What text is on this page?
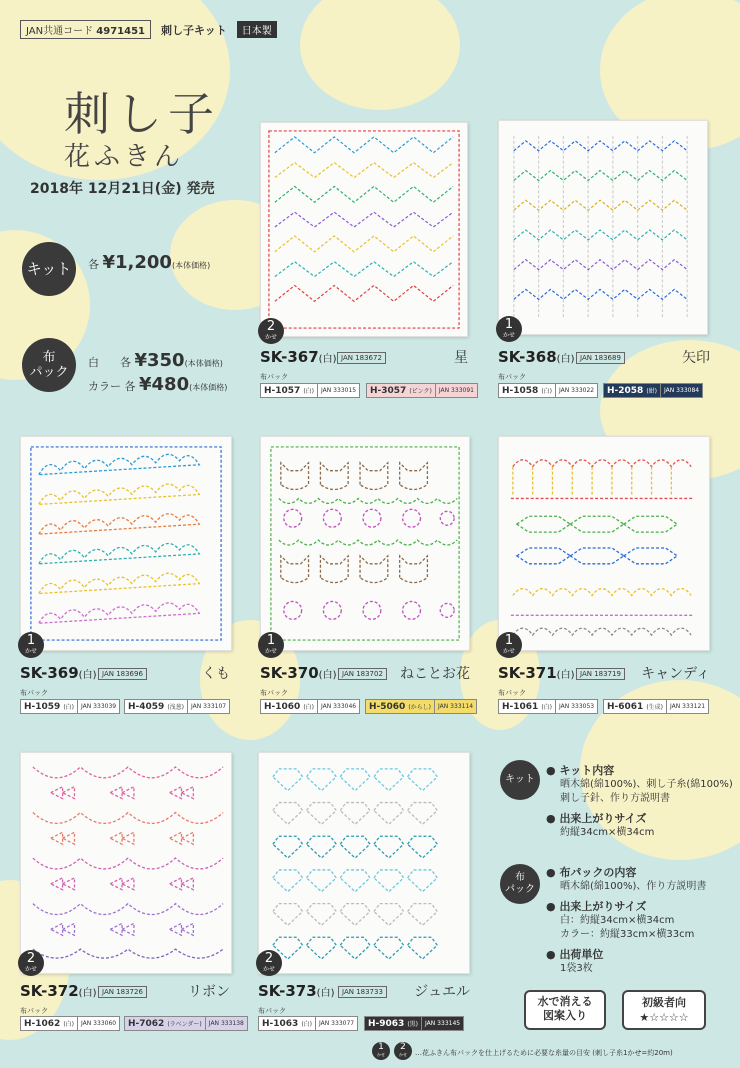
JAN共通コード 4971451	刺し子キット	日本製
刺し子
花ふきん
2018年 12月21日(金) 発売
キット	各 ¥1,200(本体価格)
布
パック
白 各 ¥350(本体価格)
カラー 各 ¥480(本体価格)
2
かせ
SK-367(白) JAN 183672	星
布パック
H-1057 (白)	JAN 333015	H-3057 (ピンク)	JAN 333091
1
かせ
SK-368(白) JAN 183689	矢印
布パック
H-1058 (白)	JAN 333022	H-2058 (紺)	JAN 333084
1
かせ
SK-369(白) JAN 183696	くも
布パック
H-1059 (白)	JAN 333039	H-4059 (浅葱)	JAN 333107
1
かせ
SK-370(白) JAN 183702 ねことお花
布パック
H-1060 (白)	JAN 333046	H-5060 (からし)	JAN 333114
1
かせ
SK-371(白) JAN 183719	キャンディ
布パック
H-1061 (白)	JAN 333053	H-6061 (生成)	JAN 333121
2
かせ
SK-372(白) JAN 183726	リボン
布パック
H-1062 (白)	JAN 333060	H-7062 (ラベンダー)	JAN 333138
2
かせ
SK-373(白)	JAN 183733	ジュエル
布パック
H-1063 (白)	JAN 333077	H-9063 (黒)	JAN 333145
キット
● キット内容
晒木綿(綿100%)、刺し子糸(綿100%)
刺し子針、作り方説明書
● 出来上がりサイズ
約縦34cm×横34cm
布
パック
● 布パックの内容
晒木綿(綿100%)、作り方説明書
● 出来上がりサイズ
白：約縦34cm×横34cm
カラー：約縦33cm×横33cm
● 出荷単位
1袋3枚
水で消える
図案入り
初級者向
★☆☆☆☆
1
かせ
2
かせ	…花ふきん布パックを仕上げるために必要な糸量の目安 (刺し子糸1かせ=約20m)
